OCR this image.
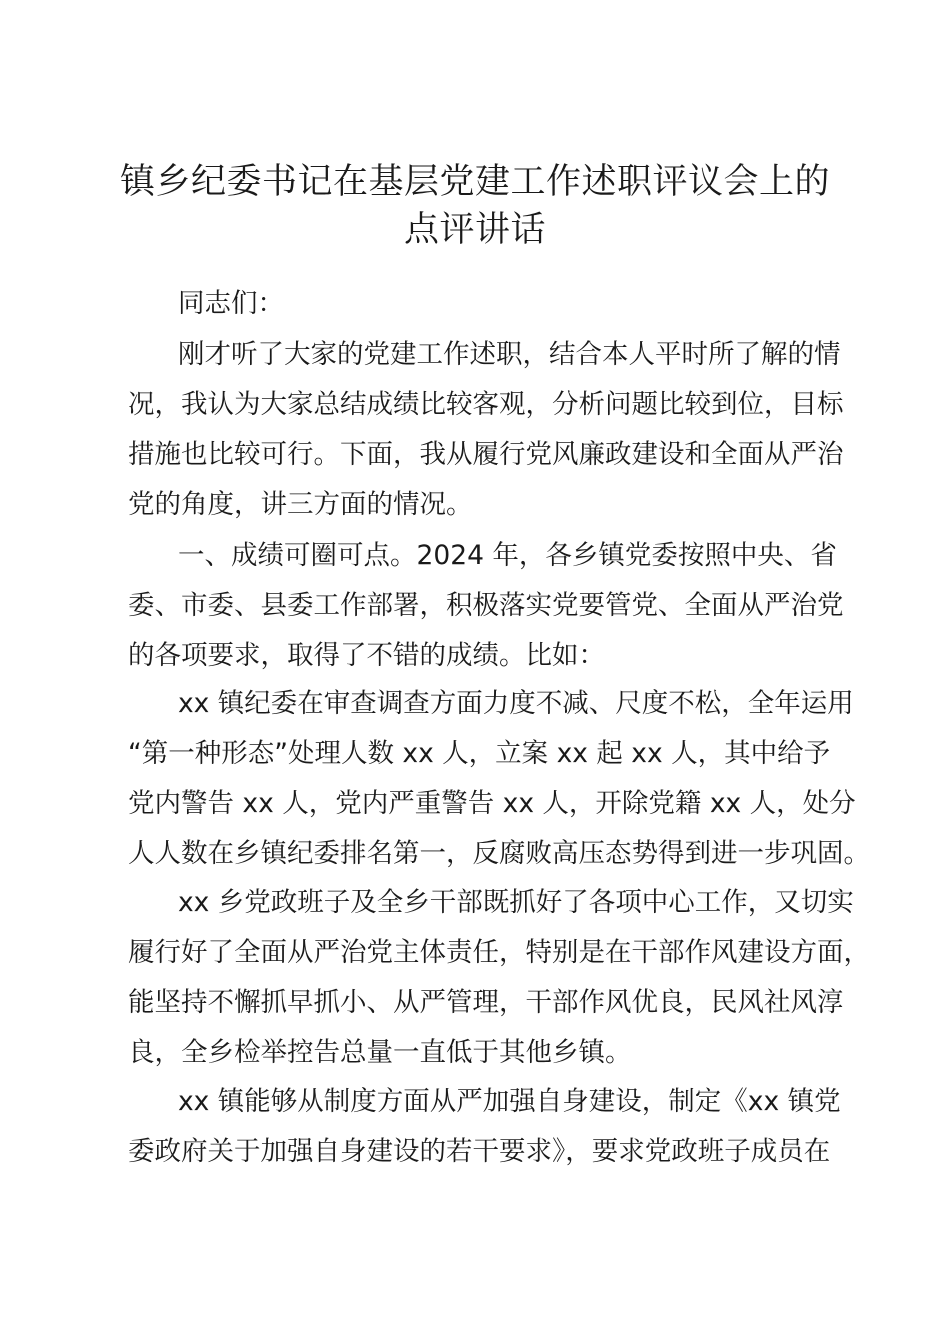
镇乡纪委书记在基层党建工作述职评议会上的
点评讲话

同志们：

刚才听了大家的党建工作述职，结合本人平时所了解的情

况，我认为大家总结成绩比较客观，分析问题比较到位，目标

措施也比较可行。下面，我从履行党风廉政建设和全面从严治

党的角度，讲三方面的情况。

一、成绩可圈可点。2024 年，各乡镇党委按照中央、省

委、市委、县委工作部署，积极落实党要管党、全面从严治党

的各项要求，取得了不错的成绩。比如：

xx 镇纪委在审查调查方面力度不减、尺度不松，全年运用

“第一种形态”处理人数 xx 人，立案 xx 起 xx 人，其中给予

党内警告 xx 人，党内严重警告 xx 人，开除党籍 xx 人，处分

人人数在乡镇纪委排名第一，反腐败高压态势得到进一步巩固。

xx 乡党政班子及全乡干部既抓好了各项中心工作，又切实

履行好了全面从严治党主体责任，特别是在干部作风建设方面，

能坚持不懈抓早抓小、从严管理，干部作风优良，民风社风淳

良，全乡检举控告总量一直低于其他乡镇。

xx 镇能够从制度方面从严加强自身建设，制定《xx 镇党

委政府关于加强自身建设的若干要求》，要求党政班子成员在
